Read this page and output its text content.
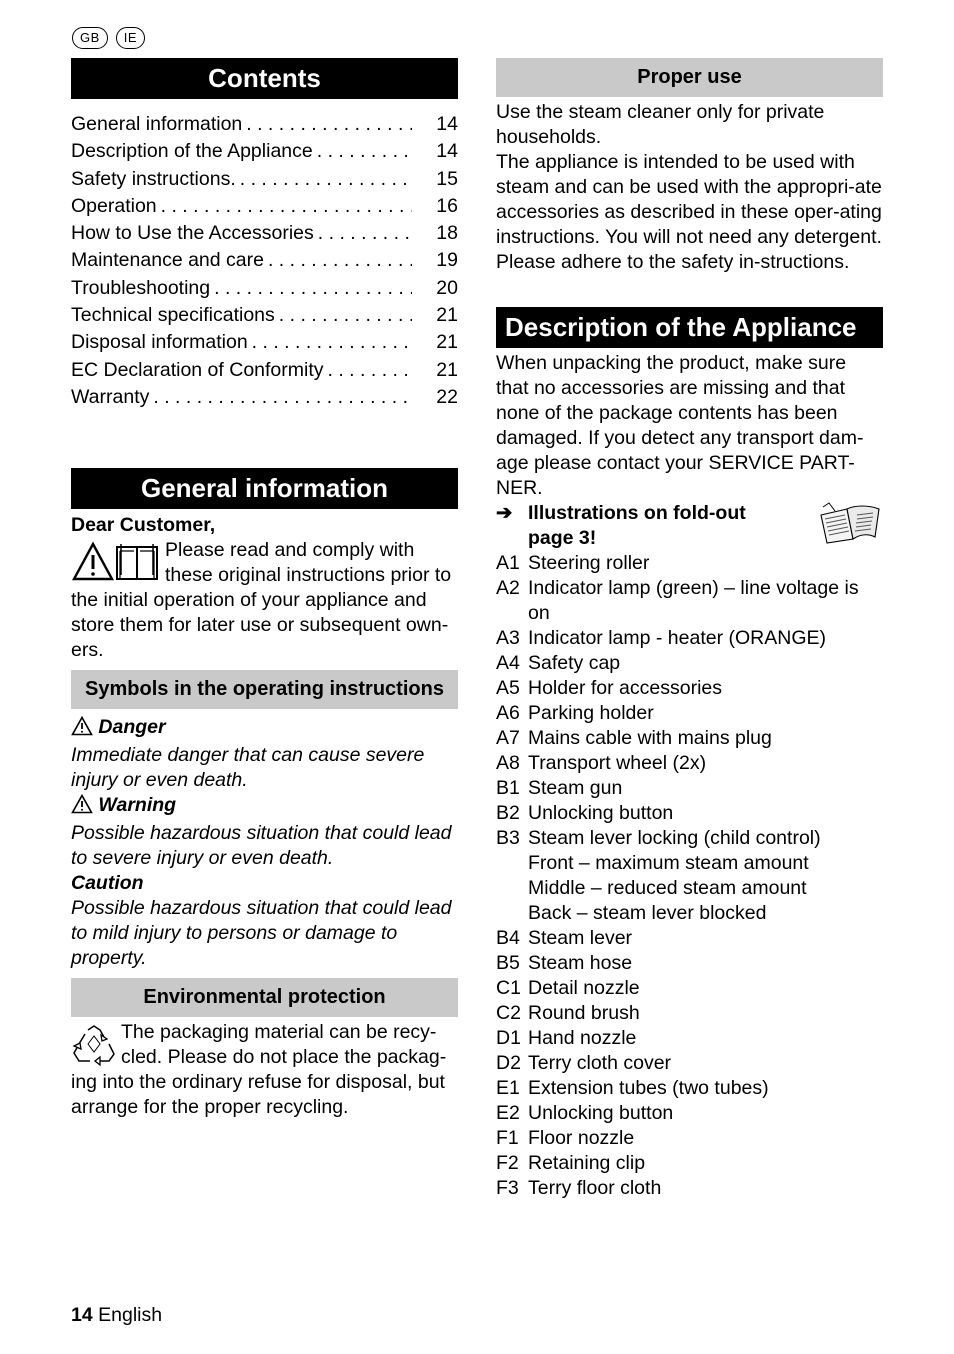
GB	IE
Contents
General information . . .	14
Description of the Appliance . . .	14
Safety instructions. . . .	15
Operation . . .	16
How to Use the Accessories . . .	18
Maintenance and care . . .	19
Troubleshooting . . .	20
Technical specifications . . .	21
Disposal information . . .	21
EC Declaration of Conformity . . .	21
Warranty . . .	22
General information
Dear Customer,
Please read and comply with these original instructions prior to the initial operation of your appliance and store them for later use or subsequent own-ers.
Symbols in the operating instructions
Danger
Immediate danger that can cause severe injury or even death.
Warning
Possible hazardous situation that could lead to severe injury or even death.
Caution
Possible hazardous situation that could lead to mild injury to persons or damage to property.
Environmental protection
The packaging material can be recy-cled. Please do not place the packag- ing into the ordinary refuse for disposal, but arrange for the proper recycling.
Proper use
Use the steam cleaner only for private households.
The appliance is intended to be used with steam and can be used with the appropri-ate accessories as described in these oper-ating instructions. You will not need any detergent. Please adhere to the safety in-structions.
Description of the Appliance
When unpacking the product, make sure that no accessories are missing and that none of the package contents has been damaged. If you detect any transport dam-age please contact your SERVICE PART-NER.
➔ Illustrations on fold-out page 3!
A1 Steering roller
A2 Indicator lamp (green) – line voltage is on
A3 Indicator lamp - heater (ORANGE)
A4 Safety cap
A5 Holder for accessories
A6 Parking holder
A7 Mains cable with mains plug
A8 Transport wheel (2x)
B1 Steam gun
B2 Unlocking button
B3 Steam lever locking (child control)
Front – maximum steam amount
Middle – reduced steam amount
Back – steam lever blocked
B4 Steam lever
B5 Steam hose
C1 Detail nozzle
C2 Round brush
D1 Hand nozzle
D2 Terry cloth cover
E1 Extension tubes (two tubes)
E2 Unlocking button
F1 Floor nozzle
F2 Retaining clip
F3 Terry floor cloth
14 English
